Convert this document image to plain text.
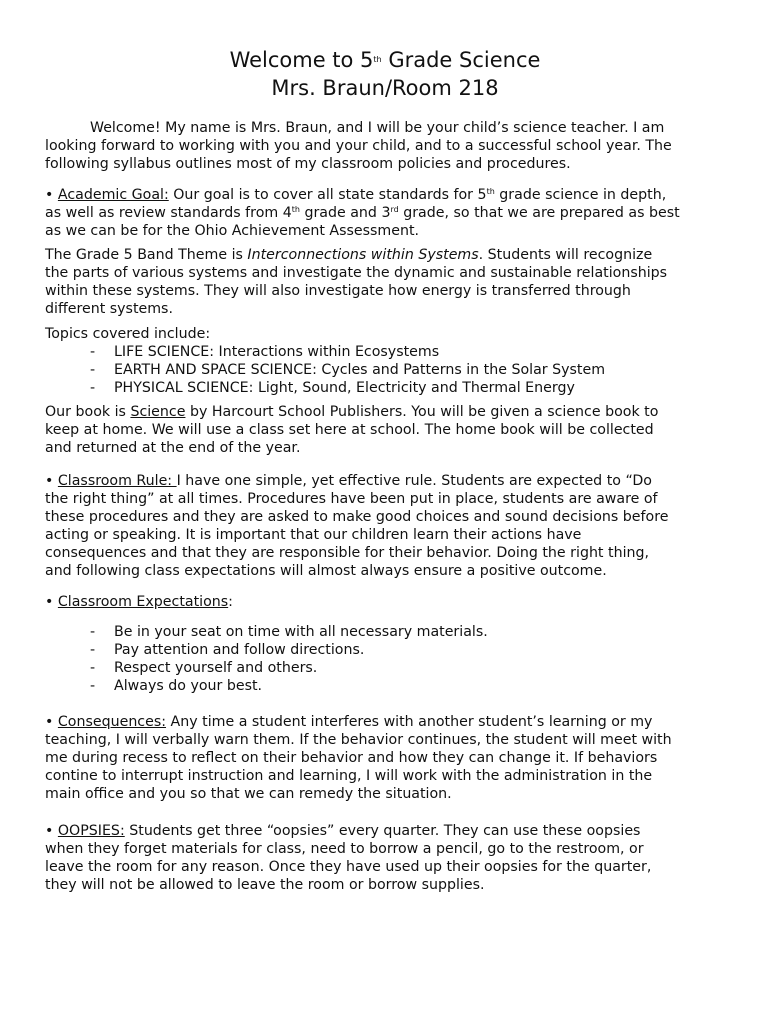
Welcome to 5th Grade Science
Mrs. Braun/Room 218
Welcome! My name is Mrs. Braun, and I will be your child’s science teacher. I am
looking forward to working with you and your child, and to a successful school year. The
following syllabus outlines most of my classroom policies and procedures.
• Academic Goal: Our goal is to cover all state standards for 5th grade science in depth,
as well as review standards from 4th grade and 3rd grade, so that we are prepared as best
as we can be for the Ohio Achievement Assessment.
The Grade 5 Band Theme is Interconnections within Systems. Students will recognize
the parts of various systems and investigate the dynamic and sustainable relationships
within these systems. They will also investigate how energy is transferred through
different systems.
Topics covered include:
- LIFE SCIENCE: Interactions within Ecosystems
- EARTH AND SPACE SCIENCE: Cycles and Patterns in the Solar System
- PHYSICAL SCIENCE: Light, Sound, Electricity and Thermal Energy
Our book is Science by Harcourt School Publishers. You will be given a science book to
keep at home. We will use a class set here at school. The home book will be collected
and returned at the end of the year.
• Classroom Rule: I have one simple, yet effective rule. Students are expected to “Do
the right thing” at all times. Procedures have been put in place, students are aware of
these procedures and they are asked to make good choices and sound decisions before
acting or speaking. It is important that our children learn their actions have
consequences and that they are responsible for their behavior. Doing the right thing,
and following class expectations will almost always ensure a positive outcome.
• Classroom Expectations:
- Be in your seat on time with all necessary materials.
- Pay attention and follow directions.
- Respect yourself and others.
- Always do your best.
• Consequences: Any time a student interferes with another student’s learning or my
teaching, I will verbally warn them. If the behavior continues, the student will meet with
me during recess to reflect on their behavior and how they can change it. If behaviors
contine to interrupt instruction and learning, I will work with the administration in the
main office and you so that we can remedy the situation.
• OOPSIES: Students get three “oopsies” every quarter. They can use these oopsies
when they forget materials for class, need to borrow a pencil, go to the restroom, or
leave the room for any reason. Once they have used up their oopsies for the quarter,
they will not be allowed to leave the room or borrow supplies.
